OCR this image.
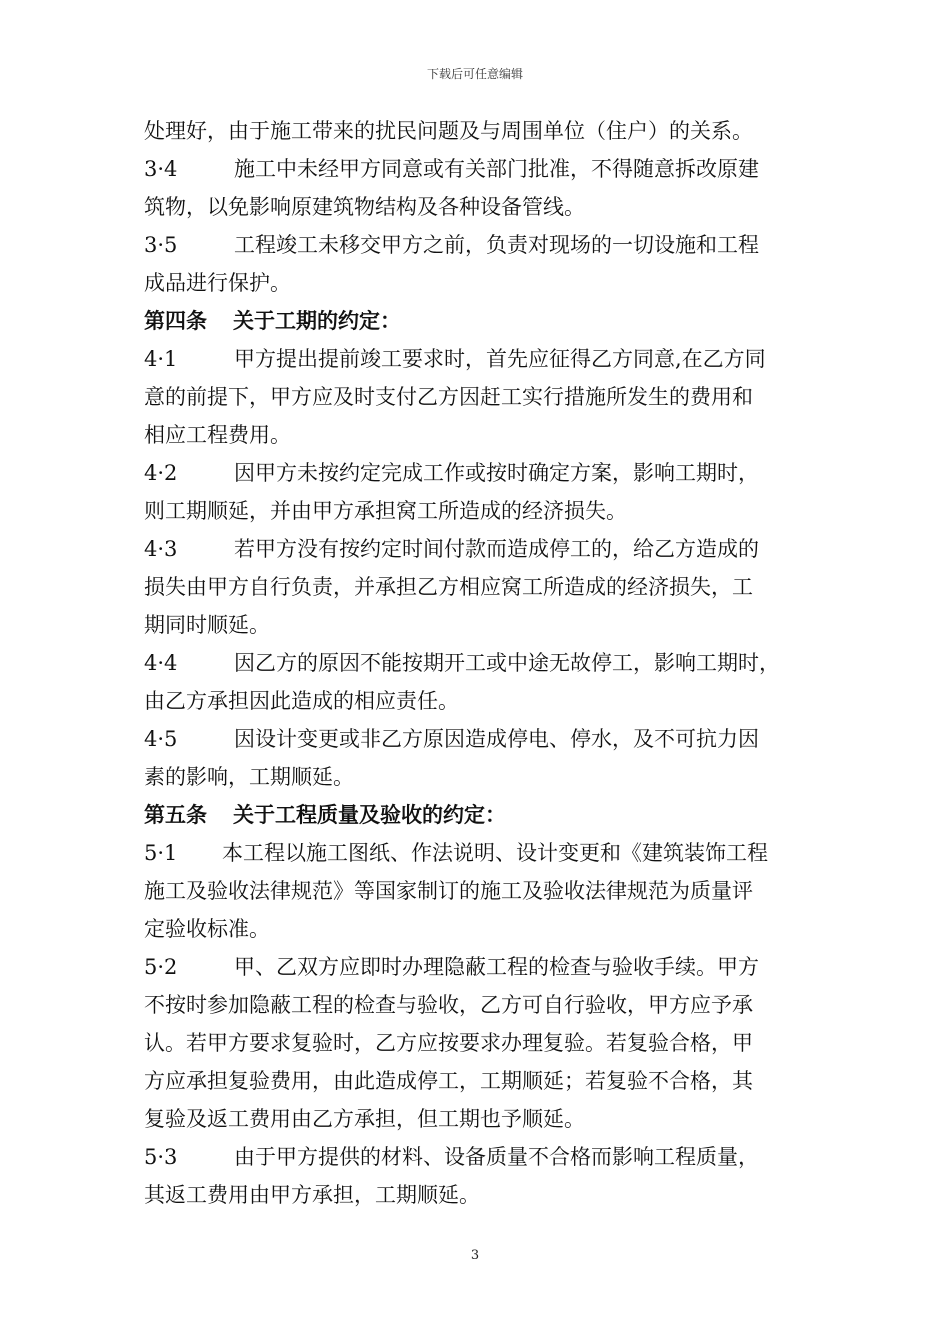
下载后可任意编辑
处理好，由于施工带来的扰民问题及与周围单位（住户）的关系。
3·4	施工中未经甲方同意或有关部门批准，不得随意拆改原建
筑物，以免影响原建筑物结构及各种设备管线。
3·5	工程竣工未移交甲方之前，负责对现场的一切设施和工程
成品进行保护。
第四条 关于工期的约定：
4·1	甲方提出提前竣工要求时，首先应征得乙方同意,在乙方同
意的前提下，甲方应及时支付乙方因赶工实行措施所发生的费用和
相应工程费用。
4·2	因甲方未按约定完成工作或按时确定方案，影响工期时，
则工期顺延，并由甲方承担窝工所造成的经济损失。
4·3	若甲方没有按约定时间付款而造成停工的，给乙方造成的
损失由甲方自行负责，并承担乙方相应窝工所造成的经济损失，工
期同时顺延。
4·4	因乙方的原因不能按期开工或中途无故停工，影响工期时，
由乙方承担因此造成的相应责任。
4·5	因设计变更或非乙方原因造成停电、停水，及不可抗力因
素的影响，工期顺延。
第五条 关于工程质量及验收的约定：
5·1 本工程以施工图纸、作法说明、设计变更和《建筑装饰工程
施工及验收法律规范》等国家制订的施工及验收法律规范为质量评
定验收标准。
5·2	甲、乙双方应即时办理隐蔽工程的检查与验收手续。甲方
不按时参加隐蔽工程的检查与验收，乙方可自行验收，甲方应予承
认。若甲方要求复验时，乙方应按要求办理复验。若复验合格，甲
方应承担复验费用，由此造成停工，工期顺延；若复验不合格，其
复验及返工费用由乙方承担，但工期也予顺延。
5·3	由于甲方提供的材料、设备质量不合格而影响工程质量，
其返工费用由甲方承担，工期顺延。
3
